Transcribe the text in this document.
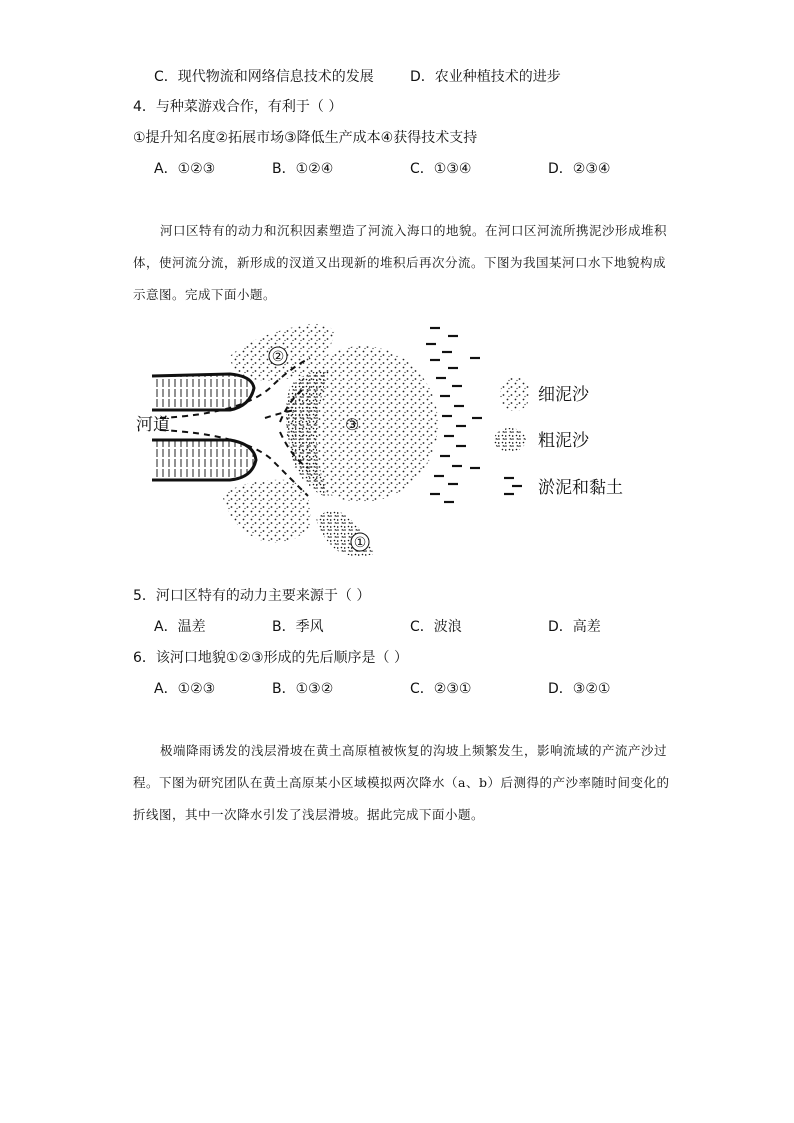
C．现代物流和网络信息技术的发展	D．农业种植技术的进步
4．与种菜游戏合作，有利于（ ）
①提升知名度②拓展市场③降低生产成本④获得技术支持
A．①②③	B．①②④	C．①③④	D．②③④
河口区特有的动力和沉积因素塑造了河流入海口的地貌。在河口区河流所携泥沙形成堆积体，使河流分流，新形成的汊道又出现新的堆积后再次分流。下图为我国某河口水下地貌构成示意图。完成下面小题。
河道
②
③
①
细泥沙
粗泥沙
淤泥和黏土
5．河口区特有的动力主要来源于（ ）
A．温差	B．季风	C．波浪	D．高差
6．该河口地貌①②③形成的先后顺序是（ ）
A．①②③	B．①③②	C．②③①	D．③②①
极端降雨诱发的浅层滑坡在黄土高原植被恢复的沟坡上频繁发生，影响流域的产流产沙过程。下图为研究团队在黄土高原某小区域模拟两次降水（a、b）后测得的产沙率随时间变化的折线图，其中一次降水引发了浅层滑坡。据此完成下面小题。
